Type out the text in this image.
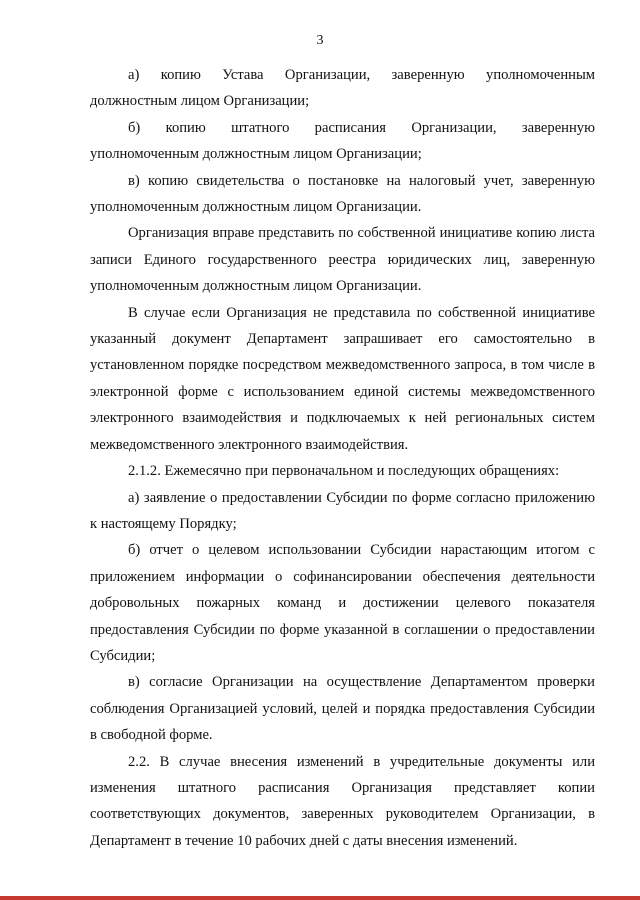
3

а) копию Устава Организации, заверенную уполномоченным должностным лицом Организации;

б) копию штатного расписания Организации, заверенную уполномоченным должностным лицом Организации;

в) копию свидетельства о постановке на налоговый учет, заверенную уполномоченным должностным лицом Организации.

Организация вправе представить по собственной инициативе копию листа записи Единого государственного реестра юридических лиц, заверенную уполномоченным должностным лицом Организации.

В случае если Организация не представила по собственной инициативе указанный документ Департамент запрашивает его самостоятельно в установленном порядке посредством межведомственного запроса, в том числе в электронной форме с использованием единой системы межведомственного электронного взаимодействия и подключаемых к ней региональных систем межведомственного электронного взаимодействия.

2.1.2. Ежемесячно при первоначальном и последующих обращениях:

а) заявление о предоставлении Субсидии по форме согласно приложению к настоящему Порядку;

б) отчет о целевом использовании Субсидии нарастающим итогом с приложением информации о софинансировании обеспечения деятельности добровольных пожарных команд и достижении целевого показателя предоставления Субсидии по форме указанной в соглашении о предоставлении Субсидии;

в) согласие Организации на осуществление Департаментом проверки соблюдения Организацией условий, целей и порядка предоставления Субсидии в свободной форме.

2.2. В случае внесения изменений в учредительные документы или изменения штатного расписания Организация представляет копии соответствующих документов, заверенных руководителем Организации, в Департамент в течение 10 рабочих дней с даты внесения изменений.
